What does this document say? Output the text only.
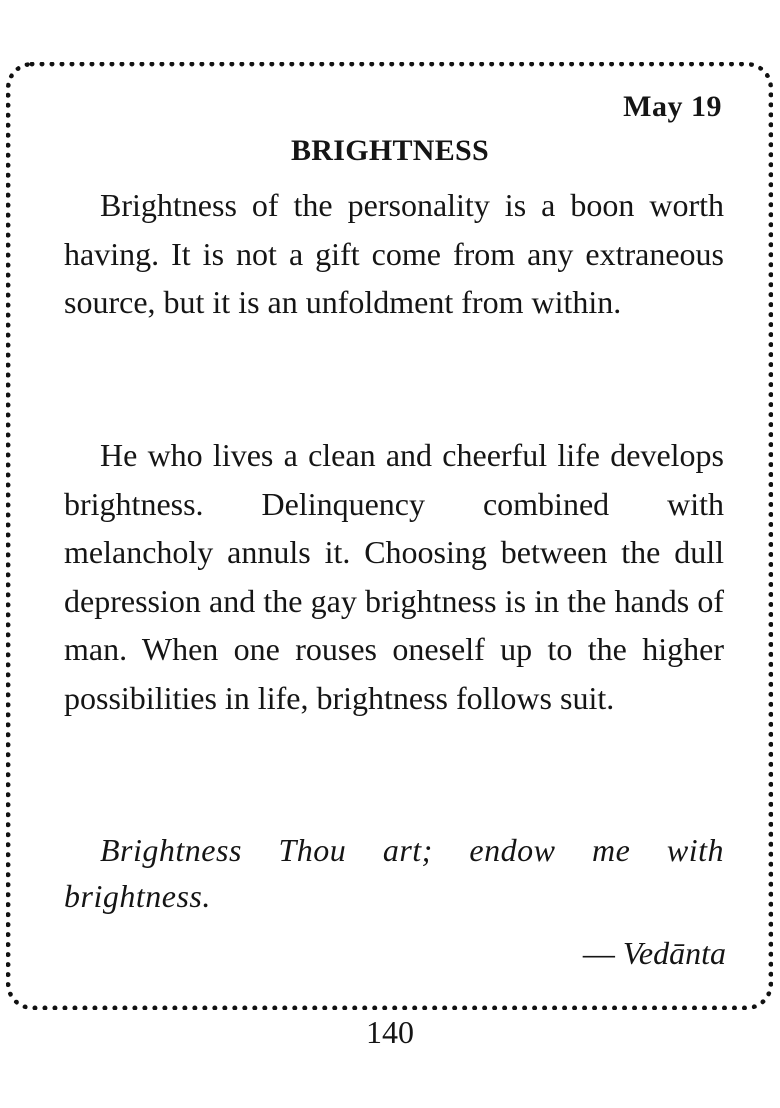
May 19
BRIGHTNESS

Brightness of the personality is a boon worth having. It is not a gift come from any extraneous source, but it is an unfoldment from within.

He who lives a clean and cheerful life develops brightness. Delinquency combined with melancholy annuls it. Choosing between the dull depression and the gay brightness is in the hands of man. When one rouses oneself up to the higher possibilities in life, brightness follows suit.

Brightness Thou art; endow me with brightness.

— Vedānta
140
